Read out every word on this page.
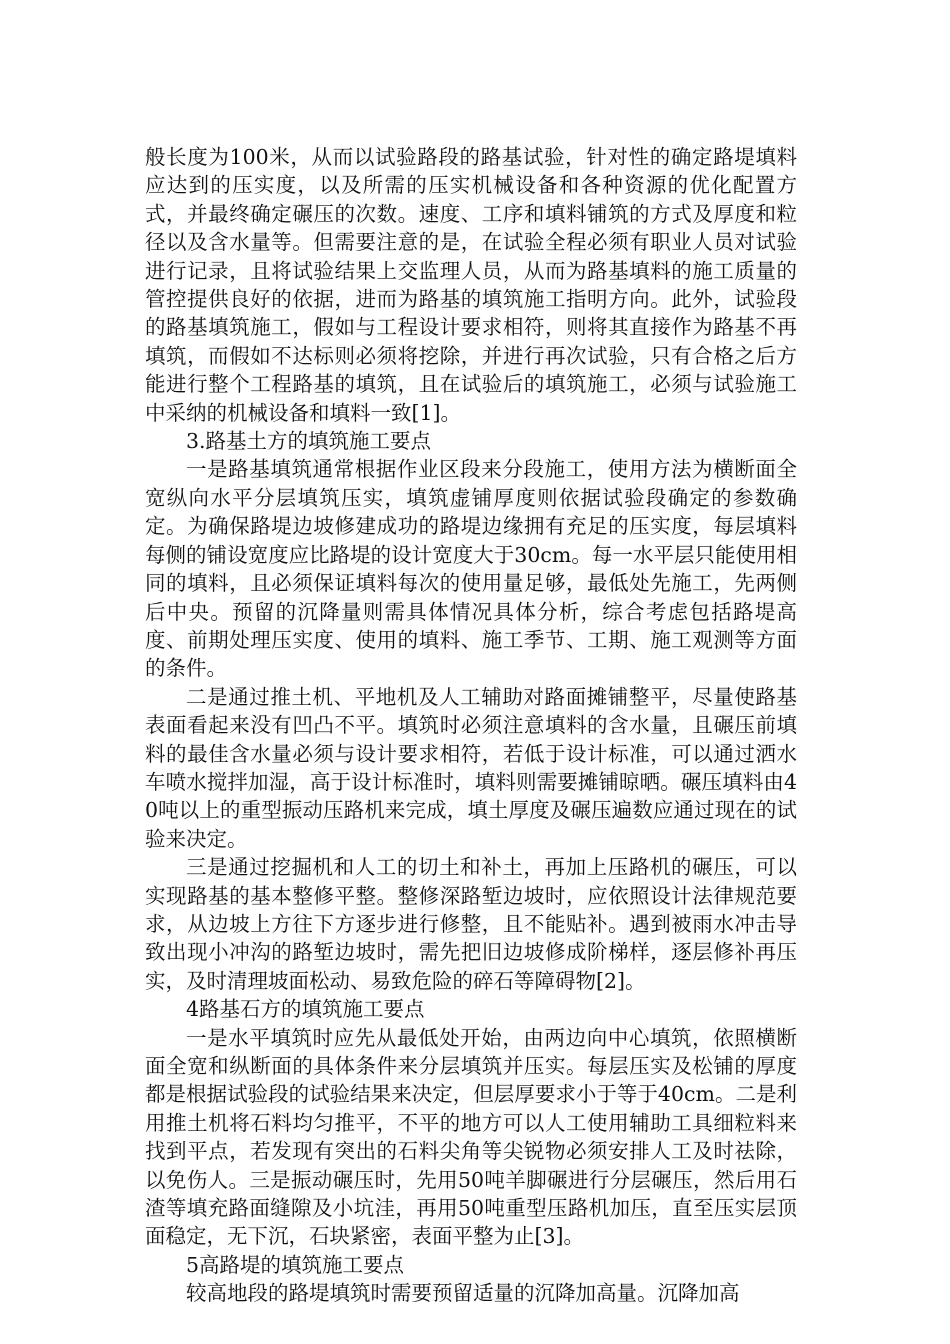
般长度为100米，从而以试验路段的路基试验，针对性的确定路堤填料应达到的压实度，以及所需的压实机械设备和各种资源的优化配置方式，并最终确定碾压的次数。速度、工序和填料铺筑的方式及厚度和粒径以及含水量等。但需要注意的是，在试验全程必须有职业人员对试验进行记录，且将试验结果上交监理人员，从而为路基填料的施工质量的管控提供良好的依据，进而为路基的填筑施工指明方向。此外，试验段的路基填筑施工，假如与工程设计要求相符，则将其直接作为路基不再填筑，而假如不达标则必须将挖除，并进行再次试验，只有合格之后方能进行整个工程路基的填筑，且在试验后的填筑施工，必须与试验施工中采纳的机械设备和填料一致[1]。

3.路基土方的填筑施工要点

一是路基填筑通常根据作业区段来分段施工，使用方法为横断面全宽纵向水平分层填筑压实，填筑虚铺厚度则依据试验段确定的参数确定。为确保路堤边坡修建成功的路堤边缘拥有充足的压实度，每层填料每侧的铺设宽度应比路堤的设计宽度大于30cm。每一水平层只能使用相同的填料，且必须保证填料每次的使用量足够，最低处先施工，先两侧后中央。预留的沉降量则需具体情况具体分析，综合考虑包括路堤高度、前期处理压实度、使用的填料、施工季节、工期、施工观测等方面的条件。

二是通过推土机、平地机及人工辅助对路面摊铺整平，尽量使路基表面看起来没有凹凸不平。填筑时必须注意填料的含水量，且碾压前填料的最佳含水量必须与设计要求相符，若低于设计标准，可以通过洒水车喷水搅拌加湿，高于设计标准时，填料则需要摊铺晾晒。碾压填料由40吨以上的重型振动压路机来完成，填土厚度及碾压遍数应通过现在的试验来决定。

三是通过挖掘机和人工的切土和补土，再加上压路机的碾压，可以实现路基的基本整修平整。整修深路堑边坡时，应依照设计法律规范要求，从边坡上方往下方逐步进行修整，且不能贴补。遇到被雨水冲击导致出现小冲沟的路堑边坡时，需先把旧边坡修成阶梯样，逐层修补再压实，及时清理坡面松动、易致危险的碎石等障碍物[2]。

4路基石方的填筑施工要点

一是水平填筑时应先从最低处开始，由两边向中心填筑，依照横断面全宽和纵断面的具体条件来分层填筑并压实。每层压实及松铺的厚度都是根据试验段的试验结果来决定，但层厚要求小于等于40cm。二是利用推土机将石料均匀推平，不平的地方可以人工使用辅助工具细粒料来找到平点，若发现有突出的石料尖角等尖锐物必须安排人工及时祛除，以免伤人。三是振动碾压时，先用50吨羊脚碾进行分层碾压，然后用石渣等填充路面缝隙及小坑洼，再用50吨重型压路机加压，直至压实层顶面稳定，无下沉，石块紧密，表面平整为止[3]。

5高路堤的填筑施工要点

较高地段的路堤填筑时需要预留适量的沉降加高量。沉降加高
